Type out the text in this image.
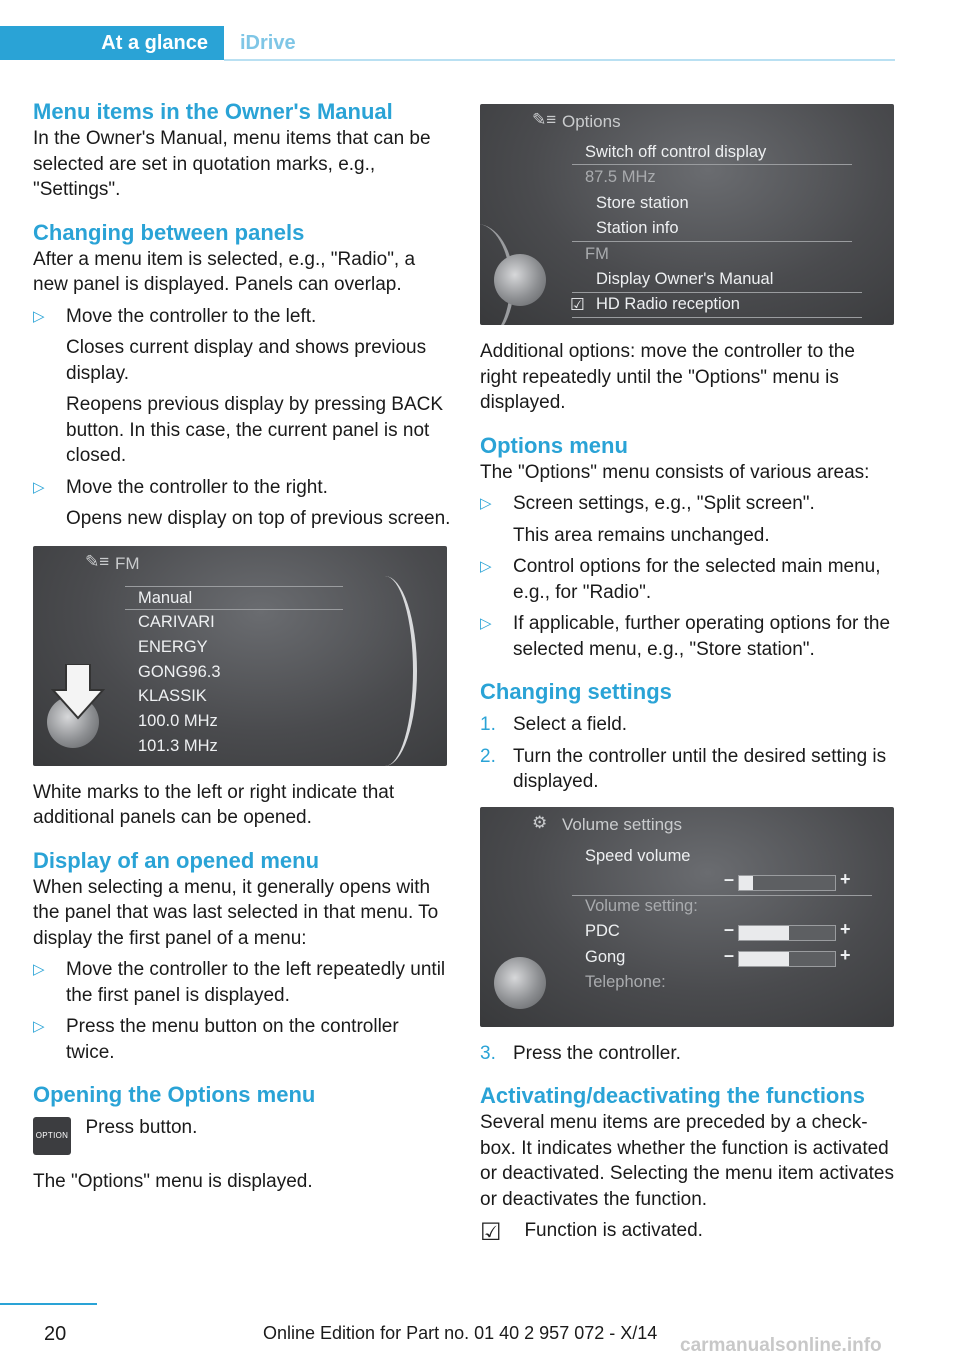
At a glance	iDrive
Menu items in the Owner's Manual

In the Owner's Manual, menu items that can be selected are set in quotation marks, e.g., "Settings".

Changing between panels

After a menu item is selected, e.g., "Radio", a new panel is displayed. Panels can overlap.

▷ Move the controller to the left.
Closes current display and shows previous display.
Reopens previous display by pressing BACK button. In this case, the current panel is not closed.
▷ Move the controller to the right.
Opens new display on top of previous screen.
✎≡ FM
Manual
CARIVARI
ENERGY
GONG96.3
KLASSIK
100.0 MHz
101.3 MHz

White marks to the left or right indicate that additional panels can be opened.

Display of an opened menu

When selecting a menu, it generally opens with the panel that was last selected in that menu. To display the first panel of a menu:

▷ Move the controller to the left repeatedly until the first panel is displayed.
▷ Press the menu button on the controller twice.
Opening the Options menu
OPTION Press button.

The "Options" menu is displayed.

✎≡ Options
Switch off control display
87.5 MHz
Store station
Station info
FM
Display Owner's Manual
☑ HD Radio reception

Additional options: move the controller to the right repeatedly until the "Options" menu is displayed.

Options menu

The "Options" menu consists of various areas:

▷ Screen settings, e.g., "Split screen".
This area remains unchanged.
▷ Control options for the selected main menu, e.g., for "Radio".
▷ If applicable, further operating options for the selected menu, e.g., "Store station".
Changing settings
1. Select a field.
2. Turn the controller until the desired setting is displayed.
⚙ Volume settings
Speed volume
–	+
Volume setting:
PDC	–	+
Gong	–	+
Telephone:
3. Press the controller.
Activating/deactivating the functions

Several menu items are preceded by a check-box. It indicates whether the function is activated or deactivated. Selecting the menu item activates or deactivates the function.

☑ Function is activated.
20	Online Edition for Part no. 01 40 2 957 072 - X/14
carmanualsonline.info
